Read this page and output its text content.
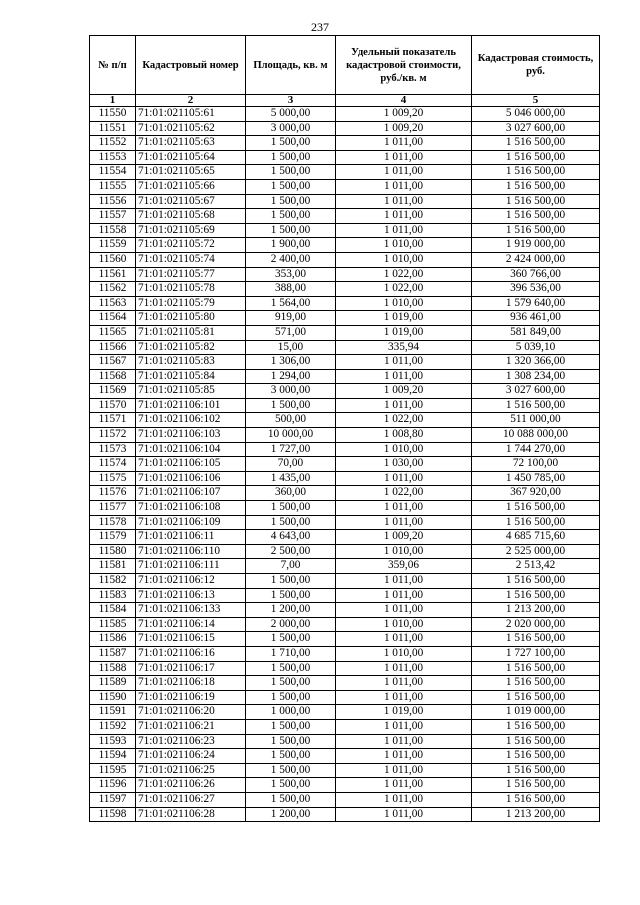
237
№ п/п	Кадастровый номер	Площадь, кв. м	Удельный показатель кадастровой стоимости, руб./кв. м	Кадастровая стоимость, руб.
1	2	3	4	5
11550	71:01:021105:61	5 000,00	1 009,20	5 046 000,00
11551	71:01:021105:62	3 000,00	1 009,20	3 027 600,00
11552	71:01:021105:63	1 500,00	1 011,00	1 516 500,00
11553	71:01:021105:64	1 500,00	1 011,00	1 516 500,00
11554	71:01:021105:65	1 500,00	1 011,00	1 516 500,00
11555	71:01:021105:66	1 500,00	1 011,00	1 516 500,00
11556	71:01:021105:67	1 500,00	1 011,00	1 516 500,00
11557	71:01:021105:68	1 500,00	1 011,00	1 516 500,00
11558	71:01:021105:69	1 500,00	1 011,00	1 516 500,00
11559	71:01:021105:72	1 900,00	1 010,00	1 919 000,00
11560	71:01:021105:74	2 400,00	1 010,00	2 424 000,00
11561	71:01:021105:77	353,00	1 022,00	360 766,00
11562	71:01:021105:78	388,00	1 022,00	396 536,00
11563	71:01:021105:79	1 564,00	1 010,00	1 579 640,00
11564	71:01:021105:80	919,00	1 019,00	936 461,00
11565	71:01:021105:81	571,00	1 019,00	581 849,00
11566	71:01:021105:82	15,00	335,94	5 039,10
11567	71:01:021105:83	1 306,00	1 011,00	1 320 366,00
11568	71:01:021105:84	1 294,00	1 011,00	1 308 234,00
11569	71:01:021105:85	3 000,00	1 009,20	3 027 600,00
11570	71:01:021106:101	1 500,00	1 011,00	1 516 500,00
11571	71:01:021106:102	500,00	1 022,00	511 000,00
11572	71:01:021106:103	10 000,00	1 008,80	10 088 000,00
11573	71:01:021106:104	1 727,00	1 010,00	1 744 270,00
11574	71:01:021106:105	70,00	1 030,00	72 100,00
11575	71:01:021106:106	1 435,00	1 011,00	1 450 785,00
11576	71:01:021106:107	360,00	1 022,00	367 920,00
11577	71:01:021106:108	1 500,00	1 011,00	1 516 500,00
11578	71:01:021106:109	1 500,00	1 011,00	1 516 500,00
11579	71:01:021106:11	4 643,00	1 009,20	4 685 715,60
11580	71:01:021106:110	2 500,00	1 010,00	2 525 000,00
11581	71:01:021106:111	7,00	359,06	2 513,42
11582	71:01:021106:12	1 500,00	1 011,00	1 516 500,00
11583	71:01:021106:13	1 500,00	1 011,00	1 516 500,00
11584	71:01:021106:133	1 200,00	1 011,00	1 213 200,00
11585	71:01:021106:14	2 000,00	1 010,00	2 020 000,00
11586	71:01:021106:15	1 500,00	1 011,00	1 516 500,00
11587	71:01:021106:16	1 710,00	1 010,00	1 727 100,00
11588	71:01:021106:17	1 500,00	1 011,00	1 516 500,00
11589	71:01:021106:18	1 500,00	1 011,00	1 516 500,00
11590	71:01:021106:19	1 500,00	1 011,00	1 516 500,00
11591	71:01:021106:20	1 000,00	1 019,00	1 019 000,00
11592	71:01:021106:21	1 500,00	1 011,00	1 516 500,00
11593	71:01:021106:23	1 500,00	1 011,00	1 516 500,00
11594	71:01:021106:24	1 500,00	1 011,00	1 516 500,00
11595	71:01:021106:25	1 500,00	1 011,00	1 516 500,00
11596	71:01:021106:26	1 500,00	1 011,00	1 516 500,00
11597	71:01:021106:27	1 500,00	1 011,00	1 516 500,00
11598	71:01:021106:28	1 200,00	1 011,00	1 213 200,00
